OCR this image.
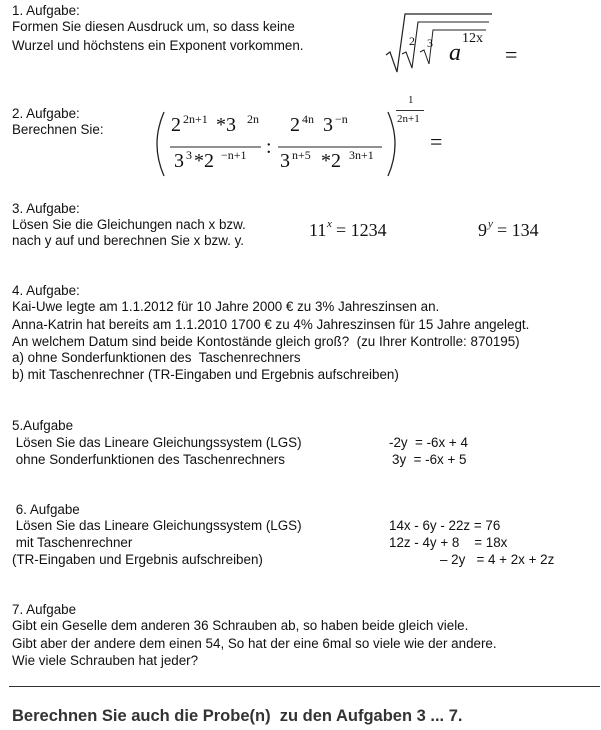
1. Aufgabe:
Formen Sie diesen Ausdruck um, so dass keine
Wurzel und höchstens ein Exponent vorkommen.	2 3 a
12x
=
2. Aufgabe:
Berechnen Sie:	2 2n+1 *3 2n
3 3 *2 −n+1 :
2 4n 3 −n
3 n+5 *2 3n+1
1
2n+1
=
3. Aufgabe:
Lösen Sie die Gleichungen nach x bzw.
nach y auf und berechnen Sie x bzw. y.
11 x = 1234	9 y = 134
4. Aufgabe:
Kai-Uwe legte am 1.1.2012 für 10 Jahre 2000 € zu 3% Jahreszinsen an.
Anna-Katrin hat bereits am 1.1.2010 1700 € zu 4% Jahreszinsen für 15 Jahre angelegt.
An welchem Datum sind beide Kontostände gleich groß?  (zu Ihrer Kontrolle: 870195)
a) ohne Sonderfunktionen des  Taschenrechners
b) mit Taschenrechner (TR-Eingaben und Ergebnis aufschreiben)
5.Aufgabe
Lösen Sie das Lineare Gleichungssystem (LGS)
ohne Sonderfunktionen des Taschenrechners
-2y  = -6x + 4
3y  = -6x + 5
6. Aufgabe
Lösen Sie das Lineare Gleichungssystem (LGS)
mit Taschenrechner
(TR-Eingaben und Ergebnis aufschreiben)
14x - 6y - 22z = 76
12z - 4y + 8    = 18x
– 2y   = 4 + 2x + 2z
7. Aufgabe
Gibt ein Geselle dem anderen 36 Schrauben ab, so haben beide gleich viele.
Gibt aber der andere dem einen 54, So hat der eine 6mal so viele wie der andere.
Wie viele Schrauben hat jeder?
Berechnen Sie auch die Probe(n)  zu den Aufgaben 3 ... 7.
